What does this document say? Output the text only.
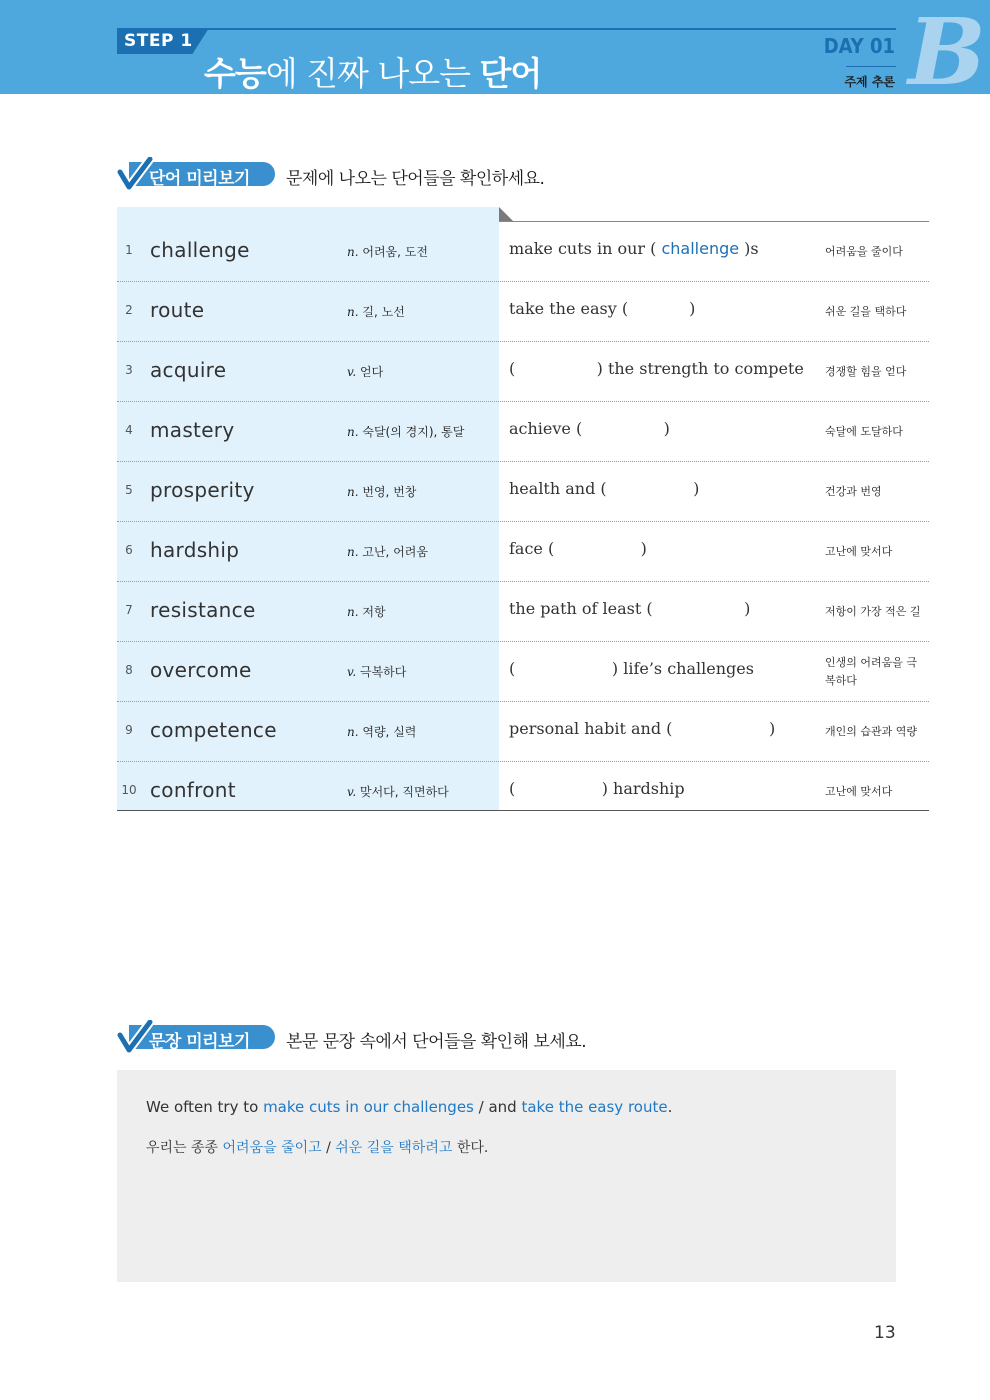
STEP 1
수능에 진짜 나오는 단어
DAY 01
주제 추론 B
단어 미리보기 문제에 나오는 단어들을 확인하세요.
1 challenge	n. 어려움, 도전	make cuts in our ( challenge )s	어려움을 줄이다
2 route	n. 길, 노선	take the easy (            )	쉬운 길을 택하다
3 acquire	v. 얻다	(                ) the strength to compete 경쟁할 힘을 얻다
4 mastery	n. 숙달(의 경지), 통달	achieve (                )	숙달에 도달하다
5 prosperity	n. 번영, 번창	health and (                 )	건강과 번영
6 hardship	n. 고난, 어려움	face (                 )	고난에 맞서다
7 resistance	n. 저항	the path of least (                  )	저항이 가장 적은 길
8 overcome	v. 극복하다	(                   ) life’s challenges	인생의 어려움을 극복하다
9 competence	n. 역량, 실력	personal habit and (                   )	개인의 습관과 역량
10 confront	v. 맞서다, 직면하다	(                 ) hardship	고난에 맞서다
문장 미리보기 본문 문장 속에서 단어들을 확인해 보세요.
We often try to make cuts in our challenges / and take the easy route.
우리는 종종 어려움을 줄이고 / 쉬운 길을 택하려고 한다.
13
